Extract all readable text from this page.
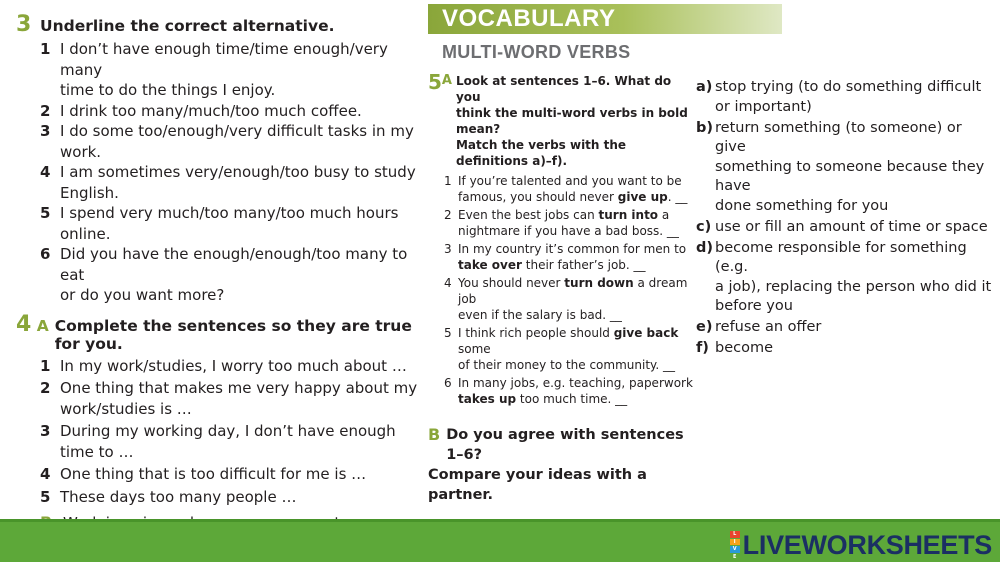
3 Underline the correct alternative.
1 I don’t have enough time/time enough/very many
time to do the things I enjoy.
2 I drink too many/much/too much coffee.
3 I do some too/enough/very difficult tasks in my work.
4 I am sometimes very/enough/too busy to study
English.
5 I spend very much/too many/too much hours online.
6 Did you have the enough/enough/too many to eat
or do you want more?
4 A Complete the sentences so they are true for you.
1 In my work/studies, I worry too much about …
2 One thing that makes me very happy about my
work/studies is …
3 During my working day, I don’t have enough
time to …
4 One thing that is too difficult for me is …
5 These days too many people …
VOCABULARY
MULTI-WORD VERBS
5 A Look at sentences 1–6. What do you
think the multi-word verbs in bold mean?
Match the verbs with the definitions a)–f).
1 If you’re talented and you want to be
famous, you should never give up. __
2 Even the best jobs can turn into a
nightmare if you have a bad boss. __
3 In my country it’s common for men to
take over their father’s job. __
4 You should never turn down a dream job
even if the salary is bad. __
5 I think rich people should give back some
of their money to the community. __
6 In many jobs, e.g. teaching, paperwork
takes up too much time. __
B Do you agree with sentences 1–6?
Compare your ideas with a partner.
a) stop trying (to do something difficult
or important)
b) return something (to someone) or give
something to someone because they have
done something for you
c) use or fill an amount of time or space
d) become responsible for something (e.g.
a job), replacing the person who did it
before you
e) refuse an offer
f) become
L
I
V
E LIVEWORKSHEETS
